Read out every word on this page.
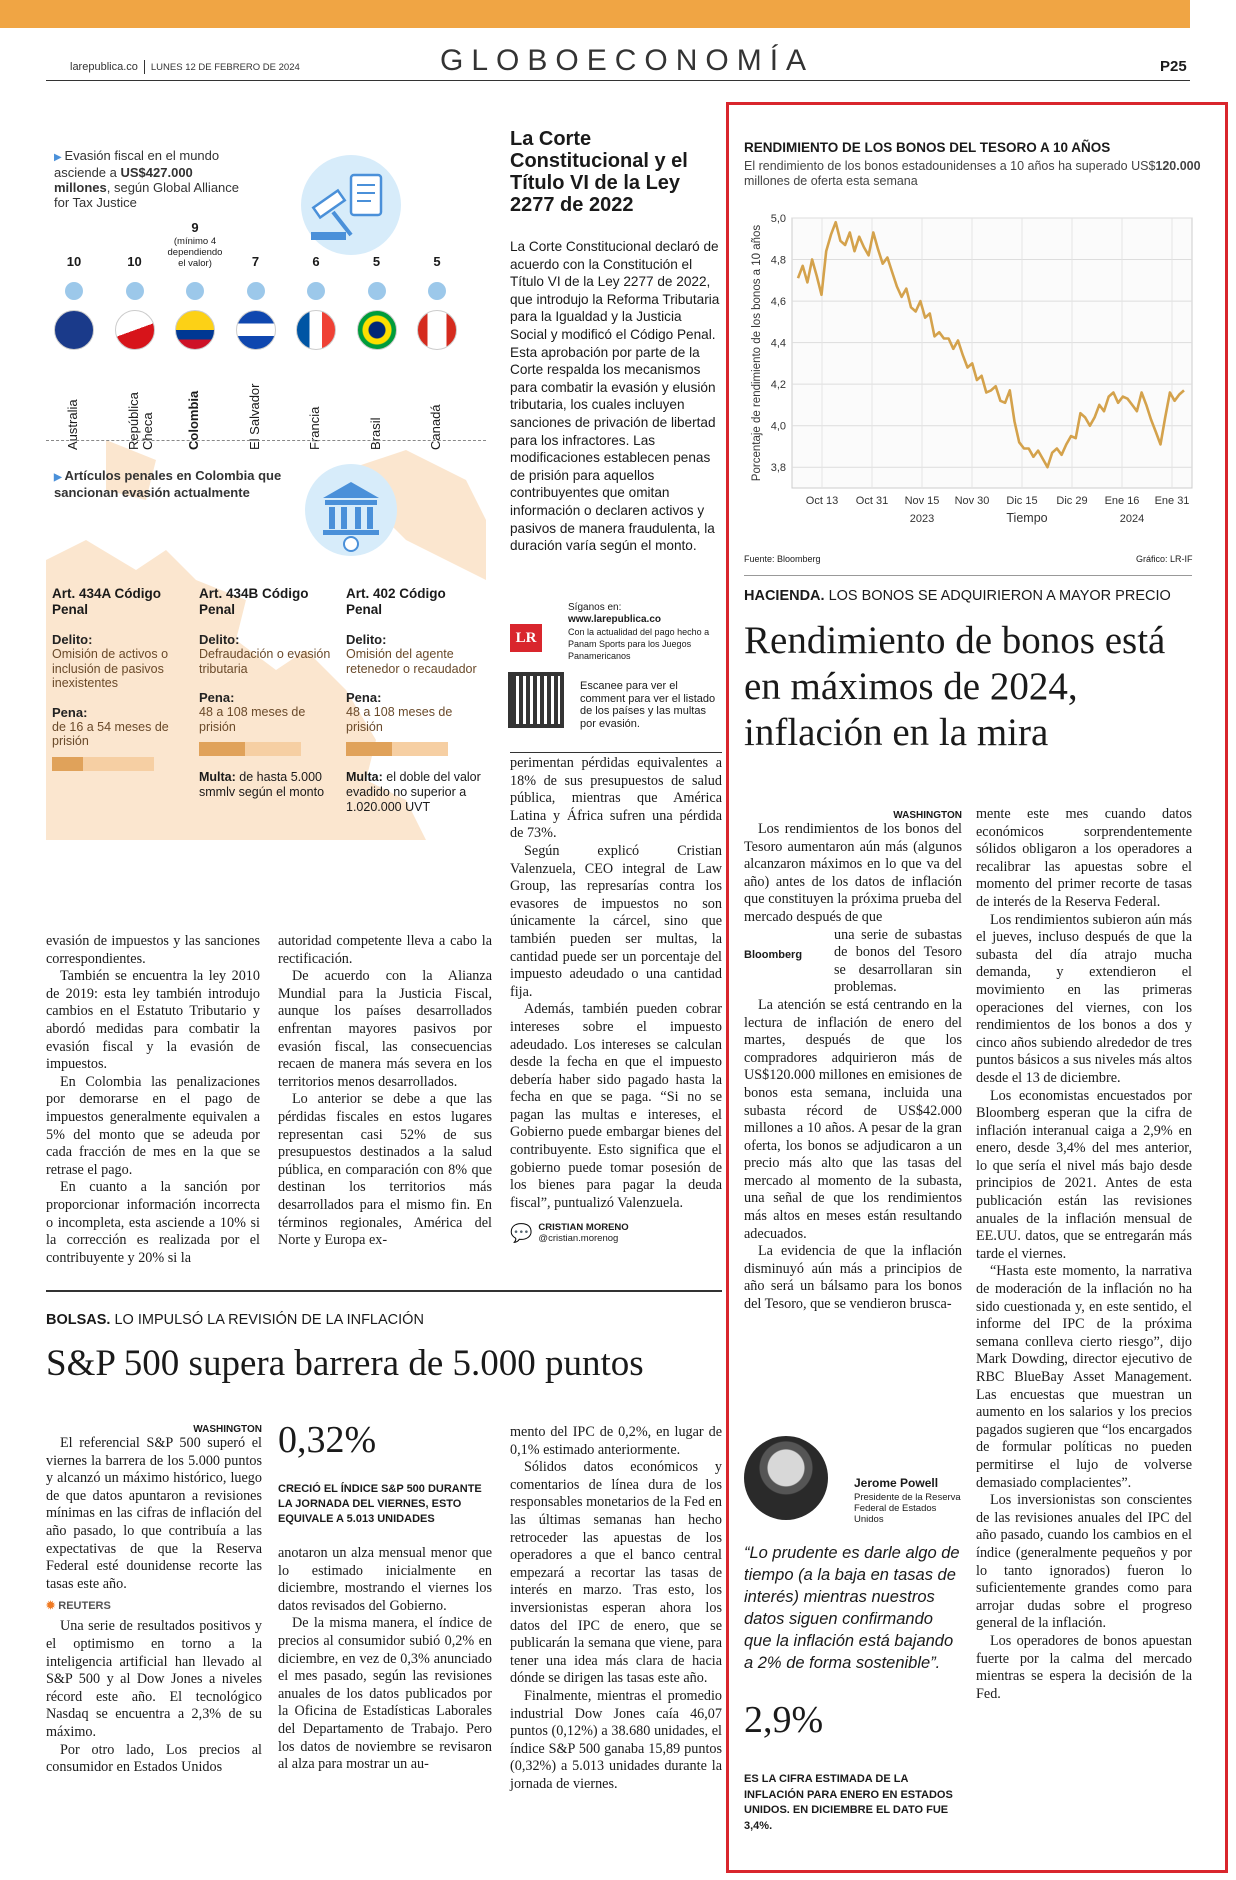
larepublica.co LUNES 12 DE FEBRERO DE 2024	GLOBOECONOMÍA	P25
▶ Evasión fiscal en el mundo asciende a US$427.000 millones, según Global Alliance for Tax Justice
10
Australia
10
República Checa
9
(mínimo 4 dependiendo el valor)
Colombia
7
El Salvador
6
Francia
5
Brasil
5
Canadá
▶ Artículos penales en Colombia que sancionan evasión actualmente
Art. 434A Código Penal
Delito:
Omisión de activos o inclusión de pasivos inexistentes
Pena:
de 16 a 54 meses de prisión
Art. 434B Código Penal
Delito:
Defraudación o evasión tributaria
Pena:
48 a 108 meses de prisión
Multa: de hasta 5.000 smmlv según el monto
Art. 402 Código Penal
Delito:
Omisión del agente retenedor o recaudador
Pena:
48 a 108 meses de prisión
Multa: el doble del valor evadido no superior a 1.020.000 UVT
La Corte Constitucional y el Título VI de la Ley 2277 de 2022
La Corte Constitucional declaró de acuerdo con la Constitución el Título VI de la Ley 2277 de 2022, que introdujo la Reforma Tributaria para la Igualdad y la Justicia Social y modificó el Código Penal. Esta aprobación por parte de la Corte respalda los mecanismos para combatir la evasión y elusión tributaria, los cuales incluyen sanciones de privación de libertad para los infractores. Las modificaciones establecen penas de prisión para aquellos contribuyentes que omitan información o declaren activos y pasivos de manera fraudulenta, la duración varía según el monto.
LR
Síganos en:
www.larepublica.co
Con la actualidad del pago hecho a Panam Sports para los Juegos Panamericanos
Escanee para ver el comment para ver el listado de los países y las multas por evasión.

perimentan pérdidas equivalentes a 18% de sus presupuestos de salud pública, mientras que América Latina y África sufren una pérdida de 73%.

Según explicó Cristian Valenzuela, CEO integral de Law Group, las represarías contra los evasores de impuestos no son únicamente la cárcel, sino que también pueden ser multas, la cantidad puede ser un porcentaje del impuesto adeudado o una cantidad fija.

Además, también pueden cobrar intereses sobre el impuesto adeudado. Los intereses se calculan desde la fecha en que el impuesto debería haber sido pagado hasta la fecha en que se paga. “Si no se pagan las multas e intereses, el Gobierno puede embargar bienes del contribuyente. Esto significa que el gobierno puede tomar posesión de los bienes para pagar la deuda fiscal”, puntualizó Valenzuela.

💬 CRISTIAN MORENO
@cristian.morenog

evasión de impuestos y las sanciones correspondientes.

También se encuentra la ley 2010 de 2019: esta ley también introdujo cambios en el Estatuto Tributario y abordó medidas para combatir la evasión fiscal y la evasión de impuestos.

En Colombia las penalizaciones por demorarse en el pago de impuestos generalmente equivalen a 5% del monto que se adeuda por cada fracción de mes en la que se retrase el pago.

En cuanto a la sanción por proporcionar información incorrecta o incompleta, esta asciende a 10% si la corrección es realizada por el contribuyente y 20% si la

autoridad competente lleva a cabo la rectificación.

De acuerdo con la Alianza Mundial para la Justicia Fiscal, aunque los países desarrollados enfrentan mayores pasivos por evasión fiscal, las consecuencias recaen de manera más severa en los territorios menos desarrollados.

Lo anterior se debe a que las pérdidas fiscales en estos lugares representan casi 52% de sus presupuestos destinados a la salud pública, en comparación con 8% que destinan los territorios más desarrollados para el mismo fin. En términos regionales, América del Norte y Europa ex-

BOLSAS. LO IMPULSÓ LA REVISIÓN DE LA INFLACIÓN
S&P 500 supera barrera de 5.000 puntos
WASHINGTON

El referencial S&P 500 superó el viernes la barrera de los 5.000 puntos y alcanzó un máximo histórico, luego de que datos apuntaron a revisiones mínimas en las cifras de inflación del año pasado, lo que contribuía a las expectativas de que la Reserva Federal esté dounidense recorte las tasas este año.

✹ REUTERS

Una serie de resultados positivos y el optimismo en torno a la inteligencia artificial han llevado al S&P 500 y al Dow Jones a niveles récord este año. El tecnológico Nasdaq se encuentra a 2,3% de su máximo.

Por otro lado, Los precios al consumidor en Estados Unidos

0,32%
CRECIÓ EL ÍNDICE S&P 500 DURANTE LA JORNADA DEL VIERNES, ESTO EQUIVALE A 5.013 UNIDADES

anotaron un alza mensual menor que lo estimado inicialmente en diciembre, mostrando el viernes los datos revisados del Gobierno.

De la misma manera, el índice de precios al consumidor subió 0,2% en diciembre, en vez de 0,3% anunciado el mes pasado, según las revisiones anuales de los datos publicados por la Oficina de Estadísticas Laborales del Departamento de Trabajo. Pero los datos de noviembre se revisaron al alza para mostrar un au-

mento del IPC de 0,2%, en lugar de 0,1% estimado anteriormente.

Sólidos datos económicos y comentarios de línea dura de los responsables monetarios de la Fed en las últimas semanas han hecho retroceder las apuestas de los operadores a que el banco central empezará a recortar las tasas de interés en marzo. Tras esto, los inversionistas esperan ahora los datos del IPC de enero, que se publicarán la semana que viene, para tener una idea más clara de hacia dónde se dirigen las tasas este año.

Finalmente, mientras el promedio industrial Dow Jones caía 46,07 puntos (0,12%) a 38.680 unidades, el índice S&P 500 ganaba 15,89 puntos (0,32%) a 5.013 unidades durante la jornada de viernes.

RENDIMIENTO DE LOS BONOS DEL TESORO A 10 AÑOS
El rendimiento de los bonos estadounidenses a 10 años ha superado US$120.000 millones de oferta esta semana
5,0
4,8
4,6
4,4
4,2
4,0
3,8
Oct 13 Oct 31 Nov 15 Nov 30 Dic 15 Dic 29 Ene 16 Ene 31
2023	2024
Tiempo
Porcentaje de rendimiento de los bonos a 10 años
Fuente: Bloomberg	Gráfico: LR-IF
HACIENDA. LOS BONOS SE ADQUIRIERON A MAYOR PRECIO
Rendimiento de bonos está en máximos de 2024, inflación en la mira
WASHINGTON

Los rendimientos de los bonos del Tesoro aumentaron aún más (algunos alcanzaron máximos en lo que va del año) antes de los datos de inflación que constituyen la próxima prueba del mercado después de que

Bloomberg

una serie de subastas de bonos del Tesoro se desarrollaran sin problemas.

La atención se está centrando en la lectura de inflación de enero del martes, después de que los compradores adquirieron más de US$120.000 millones en emisiones de bonos esta semana, incluida una subasta récord de US$42.000 millones a 10 años. A pesar de la gran oferta, los bonos se adjudicaron a un precio más alto que las tasas del mercado al momento de la subasta, una señal de que los rendimientos más altos en meses están resultando adecuados.

La evidencia de que la inflación disminuyó aún más a principios de año será un bálsamo para los bonos del Tesoro, que se vendieron brusca-

Jerome Powell
Presidente de la Reserva Federal de Estados Unidos
“Lo prudente es darle algo de tiempo (a la baja en tasas de interés) mientras nuestros datos siguen confirmando que la inflación está bajando a 2% de forma sostenible”.
2,9%
ES LA CIFRA ESTIMADA DE LA INFLACIÓN PARA ENERO EN ESTADOS UNIDOS. EN DICIEMBRE EL DATO FUE 3,4%.

mente este mes cuando datos económicos sorprendentemente sólidos obligaron a los operadores a recalibrar las apuestas sobre el momento del primer recorte de tasas de interés de la Reserva Federal.

Los rendimientos subieron aún más el jueves, incluso después de que la subasta del día atrajo mucha demanda, y extendieron el movimiento en las primeras operaciones del viernes, con los rendimientos de los bonos a dos y cinco años subiendo alrededor de tres puntos básicos a sus niveles más altos desde el 13 de diciembre.

Los economistas encuestados por Bloomberg esperan que la cifra de inflación interanual caiga a 2,9% en enero, desde 3,4% del mes anterior, lo que sería el nivel más bajo desde principios de 2021. Antes de esta publicación están las revisiones anuales de la inflación mensual de EE.UU. datos, que se entregarán más tarde el viernes.

“Hasta este momento, la narrativa de moderación de la inflación no ha sido cuestionada y, en este sentido, el informe del IPC de la próxima semana conlleva cierto riesgo”, dijo Mark Dowding, director ejecutivo de RBC BlueBay Asset Management. Las encuestas que muestran un aumento en los salarios y los precios pagados sugieren que “los encargados de formular políticas no pueden permitirse el lujo de volverse demasiado complacientes”.

Los inversionistas son conscientes de las revisiones anuales del IPC del año pasado, cuando los cambios en el índice (generalmente pequeños y por lo tanto ignorados) fueron lo suficientemente grandes como para arrojar dudas sobre el progreso general de la inflación.

Los operadores de bonos apuestan fuerte por la calma del mercado mientras se espera la decisión de la Fed.
